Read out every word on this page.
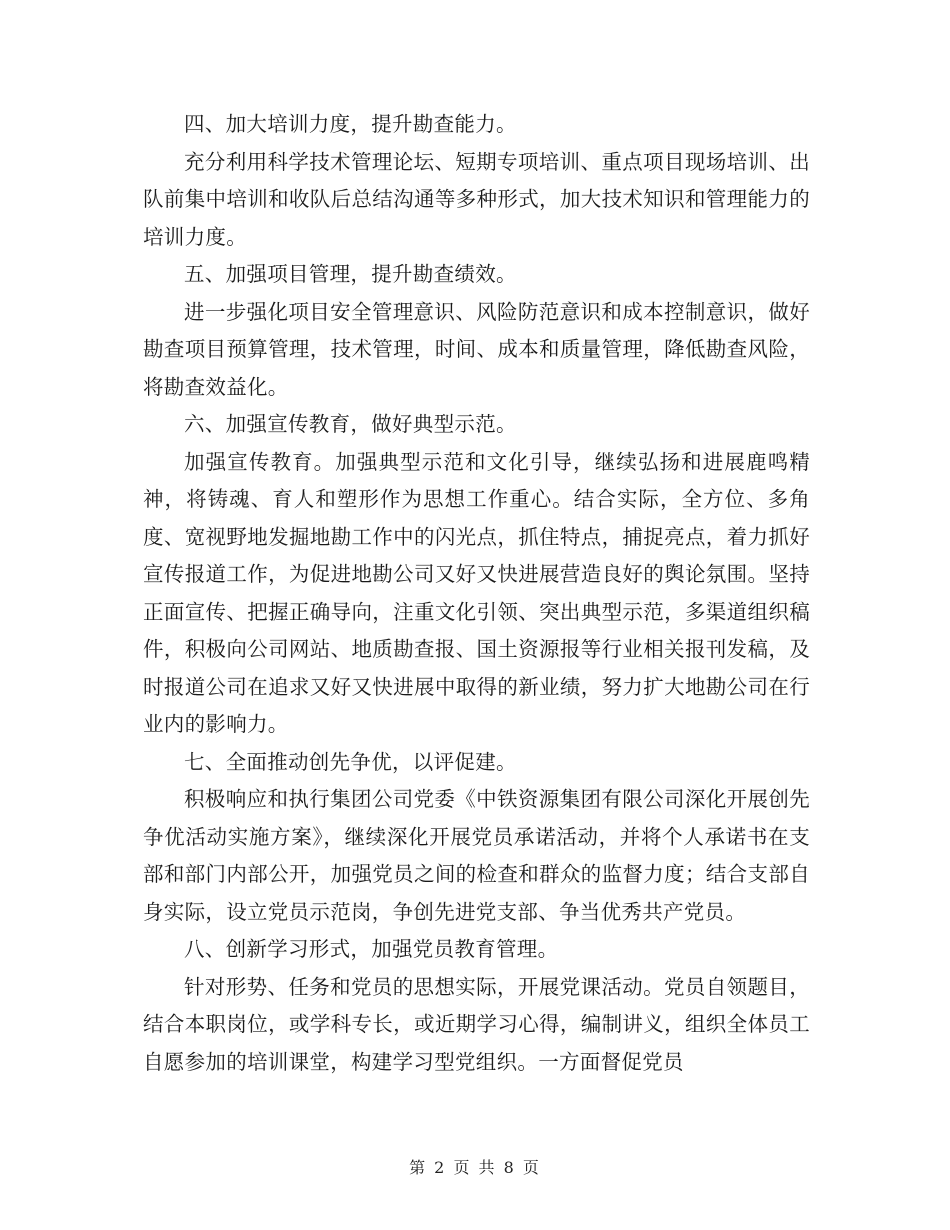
四、加大培训力度，提升勘查能力。

充分利用科学技术管理论坛、短期专项培训、重点项目现场培训、出队前集中培训和收队后总结沟通等多种形式，加大技术知识和管理能力的培训力度。

五、加强项目管理，提升勘查绩效。

进一步强化项目安全管理意识、风险防范意识和成本控制意识，做好勘查项目预算管理，技术管理，时间、成本和质量管理，降低勘查风险，将勘查效益化。

六、加强宣传教育，做好典型示范。

加强宣传教育。加强典型示范和文化引导，继续弘扬和进展鹿鸣精神，将铸魂、育人和塑形作为思想工作重心。结合实际，全方位、多角度、宽视野地发掘地勘工作中的闪光点，抓住特点，捕捉亮点，着力抓好宣传报道工作，为促进地勘公司又好又快进展营造良好的舆论氛围。坚持正面宣传、把握正确导向，注重文化引领、突出典型示范，多渠道组织稿件，积极向公司网站、地质勘查报、国土资源报等行业相关报刊发稿，及时报道公司在追求又好又快进展中取得的新业绩，努力扩大地勘公司在行业内的影响力。

七、全面推动创先争优，以评促建。

积极响应和执行集团公司党委《中铁资源集团有限公司深化开展创先争优活动实施方案》，继续深化开展党员承诺活动，并将个人承诺书在支部和部门内部公开，加强党员之间的检查和群众的监督力度；结合支部自身实际，设立党员示范岗，争创先进党支部、争当优秀共产党员。

八、创新学习形式，加强党员教育管理。

针对形势、任务和党员的思想实际，开展党课活动。党员自领题目，结合本职岗位，或学科专长，或近期学习心得，编制讲义，组织全体员工自愿参加的培训课堂，构建学习型党组织。一方面督促党员

第 2 页 共 8 页
